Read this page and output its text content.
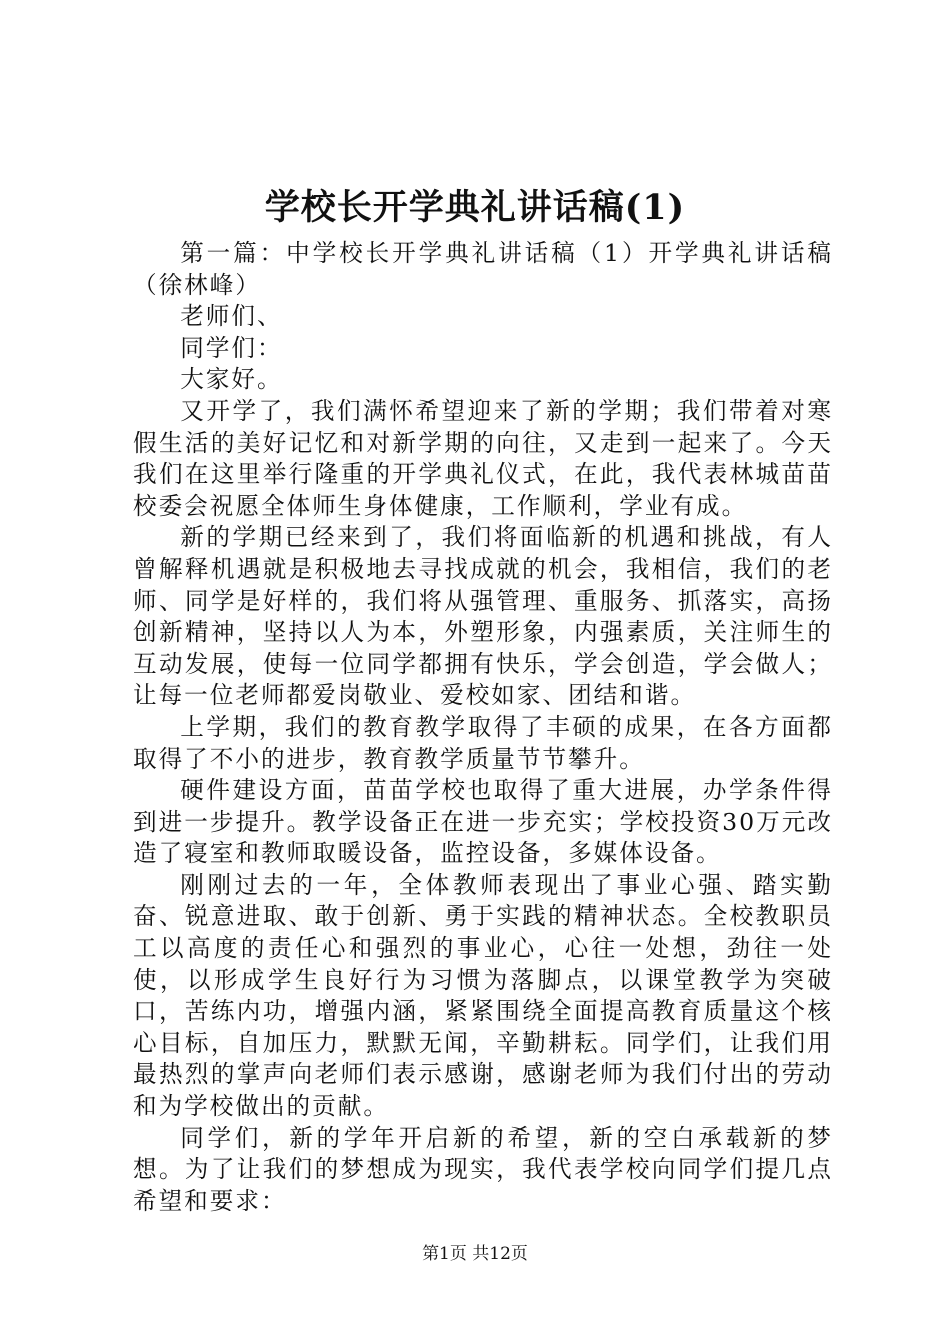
学校长开学典礼讲话稿(1)

第一篇：中学校长开学典礼讲话稿（1）开学典礼讲话稿（徐林峰）

老师们、

同学们：

大家好。

又开学了，我们满怀希望迎来了新的学期；我们带着对寒假生活的美好记忆和对新学期的向往，又走到一起来了。今天我们在这里举行隆重的开学典礼仪式，在此，我代表林城苗苗校委会祝愿全体师生身体健康，工作顺利，学业有成。

新的学期已经来到了，我们将面临新的机遇和挑战，有人曾解释机遇就是积极地去寻找成就的机会，我相信，我们的老师、同学是好样的，我们将从强管理、重服务、抓落实，高扬创新精神，坚持以人为本，外塑形象，内强素质，关注师生的互动发展，使每一位同学都拥有快乐，学会创造，学会做人；让每一位老师都爱岗敬业、爱校如家、团结和谐。

上学期，我们的教育教学取得了丰硕的成果，在各方面都取得了不小的进步，教育教学质量节节攀升。

硬件建设方面，苗苗学校也取得了重大进展，办学条件得到进一步提升。教学设备正在进一步充实；学校投资30万元改造了寝室和教师取暖设备，监控设备，多媒体设备。

刚刚过去的一年，全体教师表现出了事业心强、踏实勤奋、锐意进取、敢于创新、勇于实践的精神状态。全校教职员工以高度的责任心和强烈的事业心，心往一处想，劲往一处使，以形成学生良好行为习惯为落脚点，以课堂教学为突破口，苦练内功，增强内涵，紧紧围绕全面提高教育质量这个核心目标，自加压力，默默无闻，辛勤耕耘。同学们，让我们用最热烈的掌声向老师们表示感谢，感谢老师为我们付出的劳动和为学校做出的贡献。

同学们，新的学年开启新的希望，新的空白承载新的梦想。为了让我们的梦想成为现实，我代表学校向同学们提几点希望和要求：

第1页 共12页
